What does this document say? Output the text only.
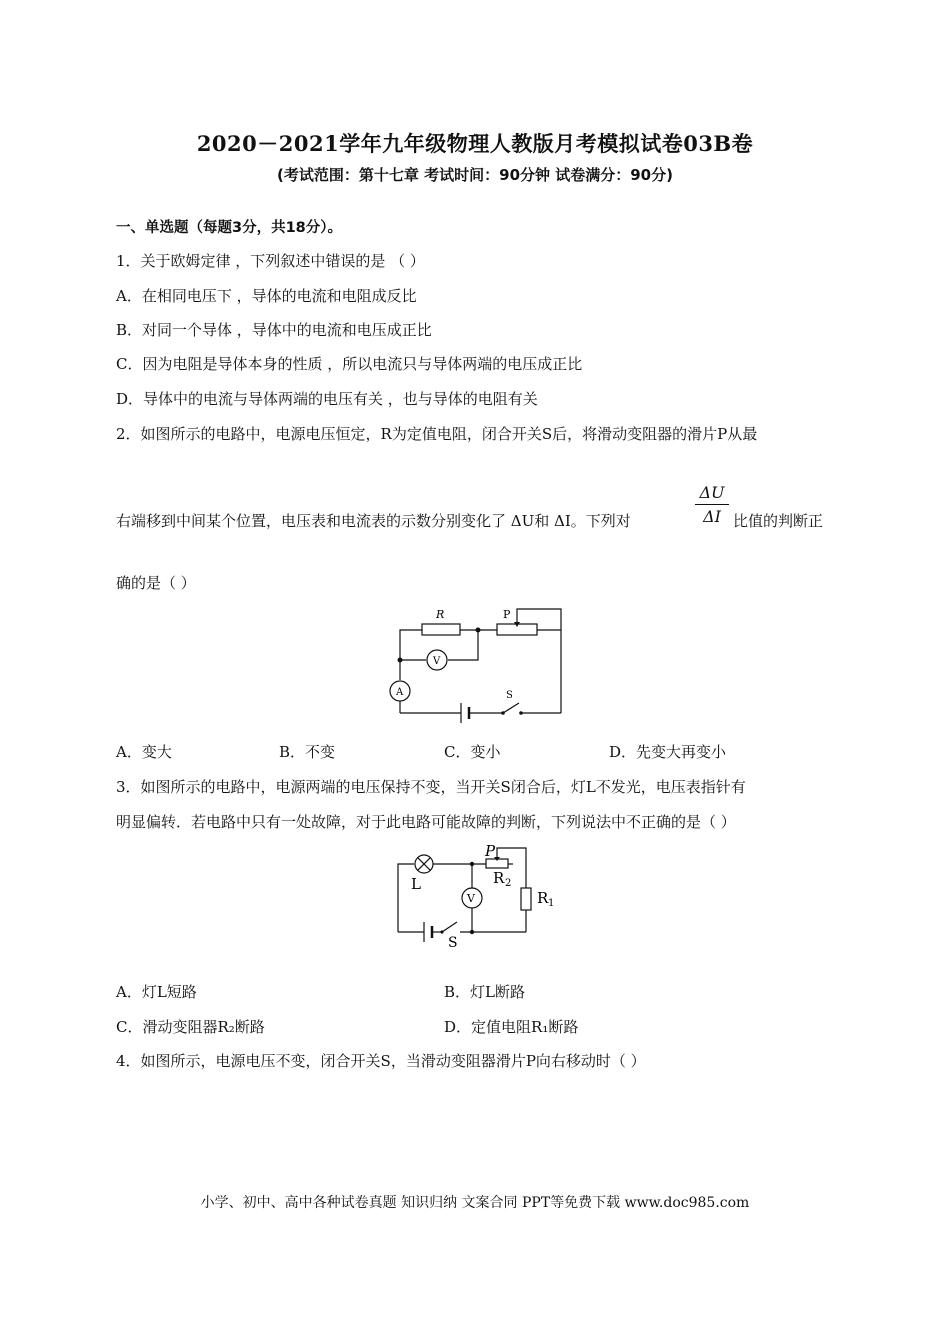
2020－2021学年九年级物理人教版月考模拟试卷03B卷
(考试范围：第十七章 考试时间：90分钟 试卷满分：90分)
一、单选题（每题3分，共18分）。
1．关于欧姆定律 ，下列叙述中错误的是 （ ）
A．在相同电压下 ，导体的电流和电阻成反比
B．对同一个导体 ，导体中的电流和电压成正比
C．因为电阻是导体本身的性质 ，所以电流只与导体两端的电压成正比
D．导体中的电流与导体两端的电压有关 ，也与导体的电阻有关
2．如图所示的电路中，电源电压恒定，R为定值电阻，闭合开关S后，将滑动变阻器的滑片P从最
右端移到中间某个位置，电压表和电流表的示数分别变化了 ΔU和 ΔI。下列对	$\frac{\Delta U}{\Delta I}$ 比值的判断正
确的是（ ）
R	P
V
A	S
A．变大	B．不变	C．变小	D．先变大再变小
3．如图所示的电路中，电源两端的电压保持不变，当开关S闭合后，灯L不发光，电压表指针有
明显偏转．若电路中只有一处故障，对于此电路可能故障的判断，下列说法中不正确的是（ ）
P
L	R 2
R 1
V
S
A．灯L短路	B．灯L断路
C．滑动变阻器R₂断路	D．定值电阻R₁断路
4．如图所示，电源电压不变，闭合开关S，当滑动变阻器滑片P向右移动时（ ）
小学、初中、高中各种试卷真题 知识归纳 文案合同 PPT等免费下载 www.doc985.com
